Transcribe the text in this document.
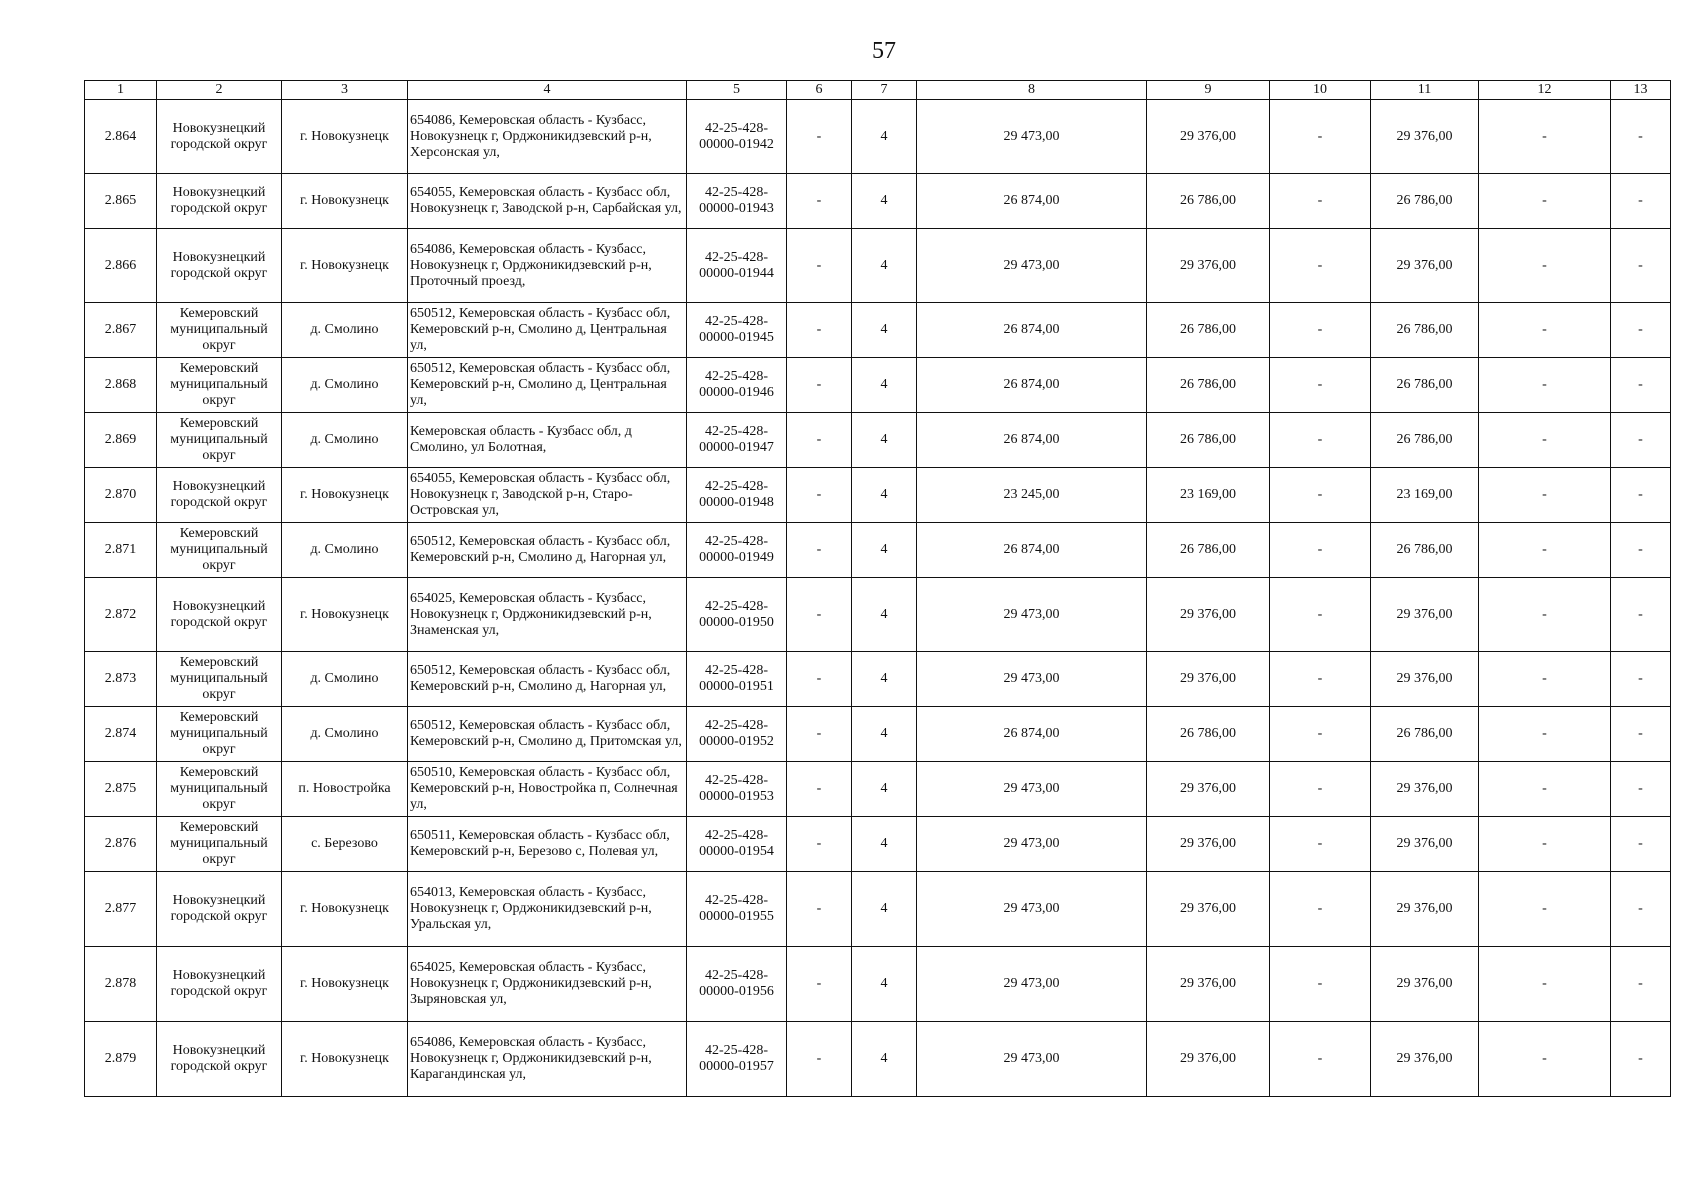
57
1	2	3	4	5	6	7	8	9	10	11	12	13
2.864	Новокузнецкий городской округ	г. Новокузнецк	654086, Кемеровская область - Кузбасс, Новокузнецк г, Орджоникидзевский р-н, Херсонская ул,	42-25-428-00000-01942	-	4	29 473,00	29 376,00	-	29 376,00	-	-
2.865	Новокузнецкий городской округ	г. Новокузнецк	654055, Кемеровская область - Кузбасс обл, Новокузнецк г, Заводской р-н, Сарбайская ул,	42-25-428-00000-01943	-	4	26 874,00	26 786,00	-	26 786,00	-	-
2.866	Новокузнецкий городской округ	г. Новокузнецк	654086, Кемеровская область - Кузбасс, Новокузнецк г, Орджоникидзевский р-н, Проточный проезд,	42-25-428-00000-01944	-	4	29 473,00	29 376,00	-	29 376,00	-	-
2.867	Кемеровский муниципальный округ	д. Смолино	650512, Кемеровская область - Кузбасс обл, Кемеровский р-н, Смолино д, Центральная ул,	42-25-428-00000-01945	-	4	26 874,00	26 786,00	-	26 786,00	-	-
2.868	Кемеровский муниципальный округ	д. Смолино	650512, Кемеровская область - Кузбасс обл, Кемеровский р-н, Смолино д, Центральная ул,	42-25-428-00000-01946	-	4	26 874,00	26 786,00	-	26 786,00	-	-
2.869	Кемеровский муниципальный округ	д. Смолино	Кемеровская область - Кузбасс обл, д Смолино, ул Болотная,	42-25-428-00000-01947	-	4	26 874,00	26 786,00	-	26 786,00	-	-
2.870	Новокузнецкий городской округ	г. Новокузнецк	654055, Кемеровская область - Кузбасс обл, Новокузнецк г, Заводской р-н, Старо-Островская ул,	42-25-428-00000-01948	-	4	23 245,00	23 169,00	-	23 169,00	-	-
2.871	Кемеровский муниципальный округ	д. Смолино	650512, Кемеровская область - Кузбасс обл, Кемеровский р-н, Смолино д, Нагорная ул,	42-25-428-00000-01949	-	4	26 874,00	26 786,00	-	26 786,00	-	-
2.872	Новокузнецкий городской округ	г. Новокузнецк	654025, Кемеровская область - Кузбасс, Новокузнецк г, Орджоникидзевский р-н, Знаменская ул,	42-25-428-00000-01950	-	4	29 473,00	29 376,00	-	29 376,00	-	-
2.873	Кемеровский муниципальный округ	д. Смолино	650512, Кемеровская область - Кузбасс обл, Кемеровский р-н, Смолино д, Нагорная ул,	42-25-428-00000-01951	-	4	29 473,00	29 376,00	-	29 376,00	-	-
2.874	Кемеровский муниципальный округ	д. Смолино	650512, Кемеровская область - Кузбасс обл, Кемеровский р-н, Смолино д, Притомская ул,	42-25-428-00000-01952	-	4	26 874,00	26 786,00	-	26 786,00	-	-
2.875	Кемеровский муниципальный округ	п. Новостройка	650510, Кемеровская область - Кузбасс обл, Кемеровский р-н, Новостройка п, Солнечная ул,	42-25-428-00000-01953	-	4	29 473,00	29 376,00	-	29 376,00	-	-
2.876	Кемеровский муниципальный округ	с. Березово	650511, Кемеровская область - Кузбасс обл, Кемеровский р-н, Березово с, Полевая ул,	42-25-428-00000-01954	-	4	29 473,00	29 376,00	-	29 376,00	-	-
2.877	Новокузнецкий городской округ	г. Новокузнецк	654013, Кемеровская область - Кузбасс, Новокузнецк г, Орджоникидзевский р-н, Уральская ул,	42-25-428-00000-01955	-	4	29 473,00	29 376,00	-	29 376,00	-	-
2.878	Новокузнецкий городской округ	г. Новокузнецк	654025, Кемеровская область - Кузбасс, Новокузнецк г, Орджоникидзевский р-н, Зыряновская ул,	42-25-428-00000-01956	-	4	29 473,00	29 376,00	-	29 376,00	-	-
2.879	Новокузнецкий городской округ	г. Новокузнецк	654086, Кемеровская область - Кузбасс, Новокузнецк г, Орджоникидзевский р-н, Карагандинская ул,	42-25-428-00000-01957	-	4	29 473,00	29 376,00	-	29 376,00	-	-
